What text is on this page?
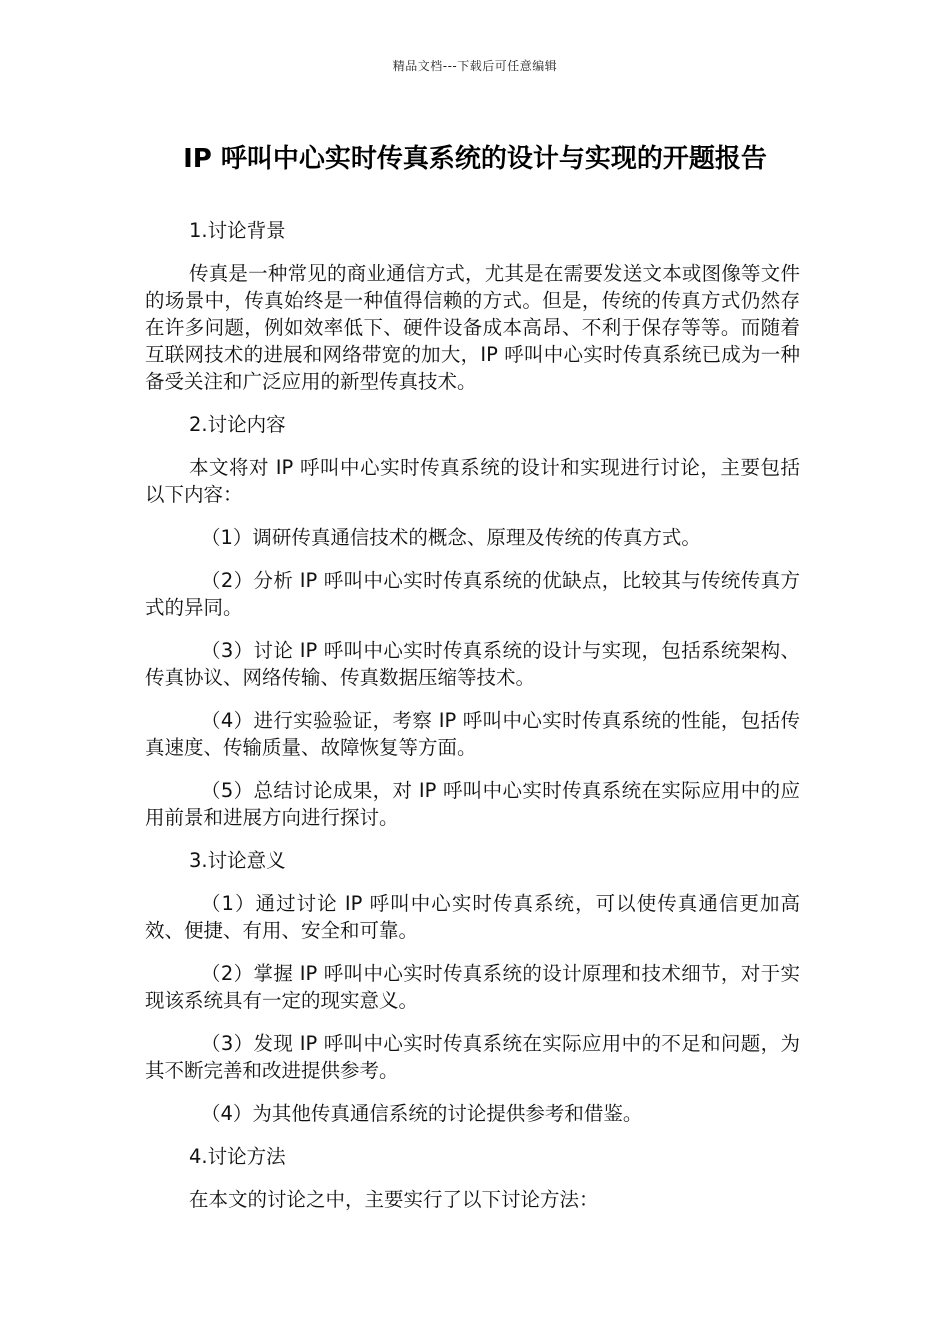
精品文档---下载后可任意编辑
IP 呼叫中心实时传真系统的设计与实现的开题报告

1.讨论背景

传真是一种常见的商业通信方式，尤其是在需要发送文本或图像等文件的场景中，传真始终是一种值得信赖的方式。但是，传统的传真方式仍然存在许多问题，例如效率低下、硬件设备成本高昂、不利于保存等等。而随着互联网技术的进展和网络带宽的加大，IP 呼叫中心实时传真系统已成为一种备受关注和广泛应用的新型传真技术。

2.讨论内容

本文将对 IP 呼叫中心实时传真系统的设计和实现进行讨论，主要包括以下内容：

（1）调研传真通信技术的概念、原理及传统的传真方式。

（2）分析 IP 呼叫中心实时传真系统的优缺点，比较其与传统传真方式的异同。

（3）讨论 IP 呼叫中心实时传真系统的设计与实现，包括系统架构、传真协议、网络传输、传真数据压缩等技术。

（4）进行实验验证，考察 IP 呼叫中心实时传真系统的性能，包括传真速度、传输质量、故障恢复等方面。

（5）总结讨论成果，对 IP 呼叫中心实时传真系统在实际应用中的应用前景和进展方向进行探讨。

3.讨论意义

（1）通过讨论 IP 呼叫中心实时传真系统，可以使传真通信更加高效、便捷、有用、安全和可靠。

（2）掌握 IP 呼叫中心实时传真系统的设计原理和技术细节，对于实现该系统具有一定的现实意义。

（3）发现 IP 呼叫中心实时传真系统在实际应用中的不足和问题，为其不断完善和改进提供参考。

（4）为其他传真通信系统的讨论提供参考和借鉴。

4.讨论方法

在本文的讨论之中，主要实行了以下讨论方法：
